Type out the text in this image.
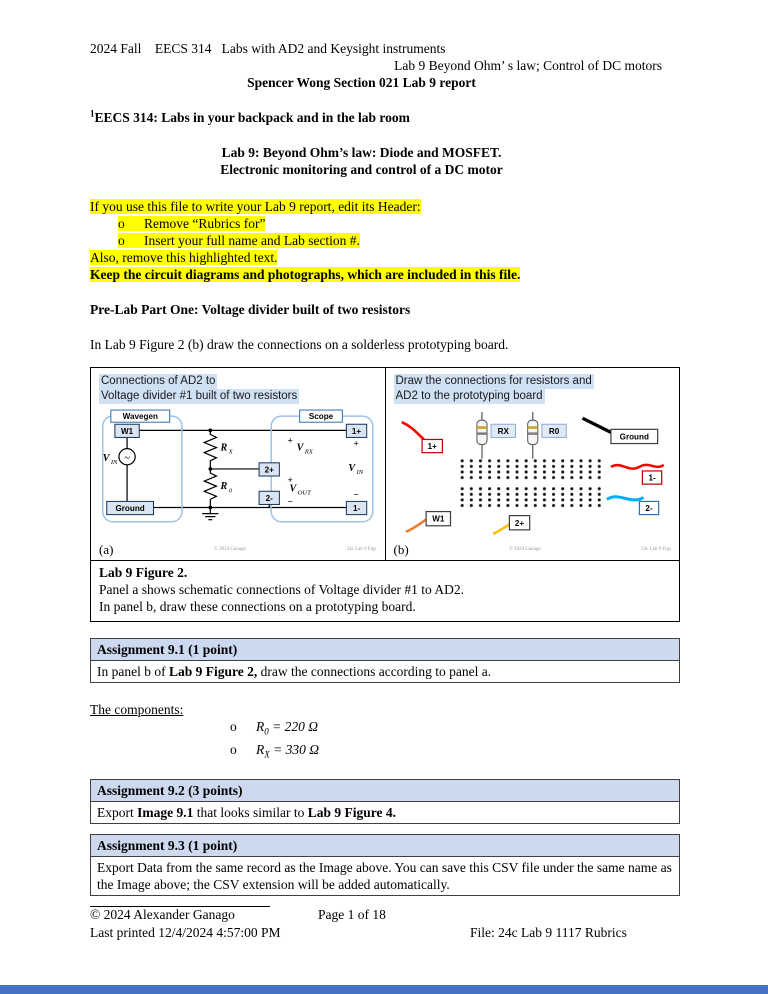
2024 Fall    EECS 314   Labs with AD2 and Keysight instruments
Lab 9 Beyond Ohm’ s law; Control of DC motors
Spencer Wong Section 021 Lab 9 report
$^1$EECS 314: Labs in your backpack and in the lab room
Lab 9: Beyond Ohm’s law: Diode and MOSFET.
Electronic monitoring and control of a DC motor
If you use this file to write your Lab 9 report, edit its Header:
o Remove “Rubrics for”
o Insert your full name and Lab section #.
Also, remove this highlighted text.
Keep the circuit diagrams and photographs, which are included in this file.
Pre-Lab Part One: Voltage divider built of two resistors
In Lab 9 Figure 2 (b) draw the connections on a solderless prototyping board.
Connections of AD2 to
Voltage divider #1 built of two resistors
~
Wavegen	Scope
W1
Ground
1+
2+
2-
1-
V IN
R X
R 0
+
V RX
+
V IN
−
+
V OUT
−
(a)	© 2024 Ganago	24c Lab 9 Figs
Draw the connections for resistors and
AD2 to the prototyping board
RX	R0
1+
Ground
W1	2+
1-
2-
(b)	© 2024 Ganago	24c Lab 9 Figs
Lab 9 Figure 2.
Panel a shows schematic connections of Voltage divider #1 to AD2.
In panel b, draw these connections on a prototyping board.
Assignment 9.1 (1 point)
In panel b of Lab 9 Figure 2, draw the connections according to panel a.
The components:
o $R_0 = 220$ Ω
o $R_X = 330$ Ω
Assignment 9.2 (3 points)
Export Image 9.1 that looks similar to Lab 9 Figure 4.
Assignment 9.3 (1 point)
Export Data from the same record as the Image above. You can save this CSV file under the same name as the Image above; the CSV extension will be added automatically.
© 2024 Alexander Ganago	Page 1 of 18
Last printed 12/4/2024 4:57:00 PM	File: 24c Lab 9 1117 Rubrics
